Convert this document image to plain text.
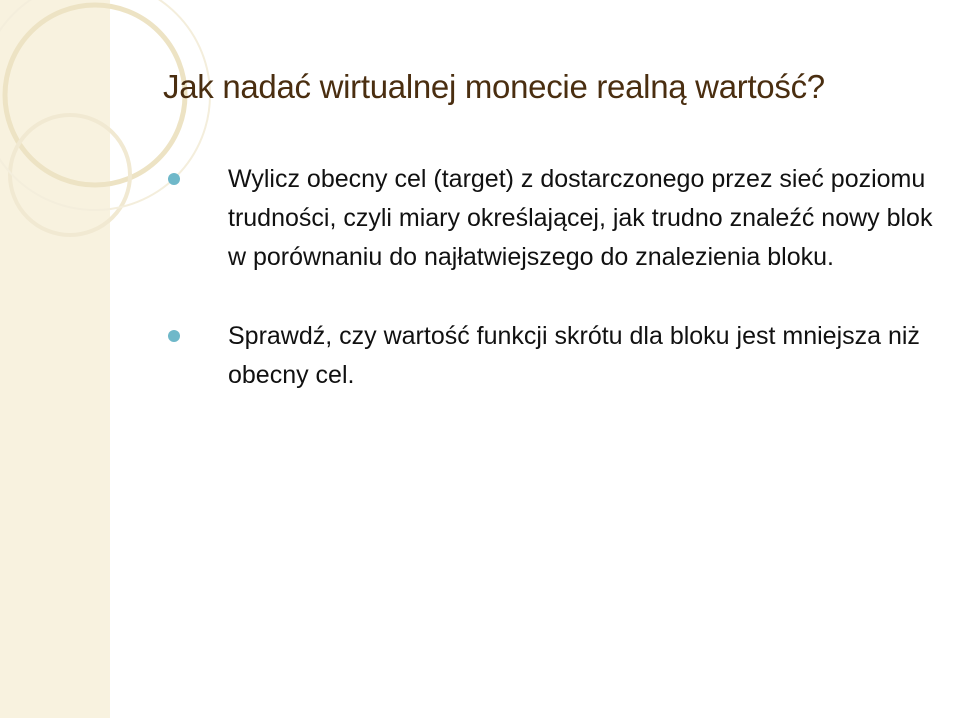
Jak nadać wirtualnej monecie realną wartość?
Wylicz obecny cel (target) z dostarczonego przez sieć poziomu trudności, czyli miary określającej, jak trudno znaleźć nowy blok w porównaniu do najłatwiejszego do znalezienia bloku.
Sprawdź, czy wartość funkcji skrótu dla bloku jest mniejsza niż obecny cel.
